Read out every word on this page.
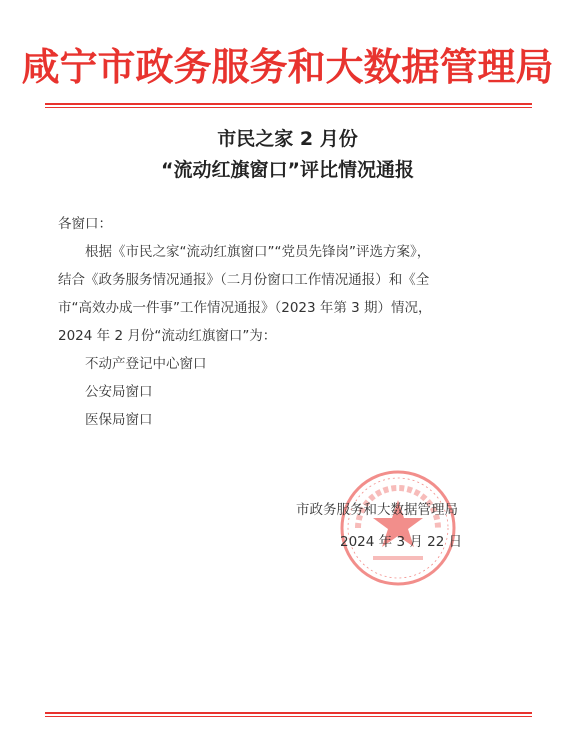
咸宁市政务服务和大数据管理局
市民之家 2 月份
“流动红旗窗口”评比情况通报
各窗口：
根据《市民之家“流动红旗窗口”“党员先锋岗”评选方案》，
结合《政务服务情况通报》（二月份窗口工作情况通报）和《全
市“高效办成一件事”工作情况通报》（2023 年第 3 期）情况，
2024 年 2 月份“流动红旗窗口”为：
不动产登记中心窗口
公安局窗口
医保局窗口
市政务服务和大数据管理局
2024 年 3 月 22 日
